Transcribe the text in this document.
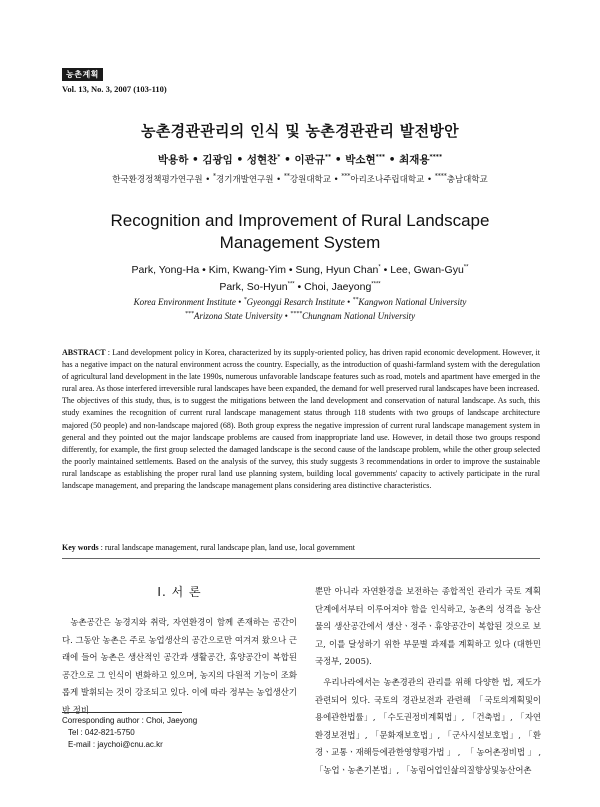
농촌계획
Vol. 13, No. 3, 2007 (103-110)
농촌경관관리의 인식 및 농촌경관관리 발전방안
박용하 • 김광임 • 성현찬* • 이관규** • 박소현*** • 최재용****
한국환경정책평가연구원 • *경기개발연구원 • **강원대학교 • ***아리조나주립대학교 • ****충남대학교
Recognition and Improvement of Rural Landscape
Management System
Park, Yong-Ha • Kim, Kwang-Yim • Sung, Hyun Chan* • Lee, Gwan-Gyu**
Park, So-Hyun*** • Choi, Jaeyong****
Korea Environment Institute • *Gyeonggi Resarch Institute • **Kangwon National University
***Arizona State University • ****Chungnam National University

ABSTRACT : Land development policy in Korea, characterized by its supply-oriented policy, has driven rapid economic development. However, it has a negative impact on the natural environment across the country. Especially, as the introduction of quashi-farmland system with the deregulation of agricultural land development in the late 1990s, numerous unfavorable landscape features such as road, motels and apartment have emerged in the rural area. As those interfered irreversible rural landscapes have been expanded, the demand for well preserved rural landscapes have been increased.

The objectives of this study, thus, is to suggest the mitigations between the land development and conservation of natural landscape. As such, this study examines the recognition of current rural landscape management status through 118 students with two groups of landscape architecture majored (50 people) and non-landscape majored (68). Both group express the negative impression of current rural landscape management system in general and they pointed out the major landscape problems are caused from inappropriate land use. However, in detail those two groups respond differently, for example, the first group selected the damaged landscape is the second cause of the landscape problem, while the other group selected the poorly maintained settlements. Based on the analysis of the survey, this study suggests 3 recommendations in order to improve the sustainable rural landscape as establishing the proper rural land use planning system, building local governments' capacity to actively participate in the rural landscape management, and preparing the landscape management plans considering area distinctive characteristics.

Key words : rural landscape management, rural landscape plan, land use, local government
I. 서 론

농촌공간은 농경지와 취락, 자연환경이 함께 존재하는 공간이다. 그동안 농촌은 주로 농업생산의 공간으로만 여겨져 왔으나 근래에 들어 농촌은 생산적인 공간과 생활공간, 휴양공간이 복합된 공간으로 그 인식이 변화하고 있으며, 농지의 다원적 기능이 조화롭게 발휘되는 것이 강조되고 있다. 이에 따라 정부는 농업생산기반 정비

뿐만 아니라 자연환경을 보전하는 종합적인 관리가 국토 계획 단계에서부터 이루어져야 함을 인식하고, 농촌의 성격을 농산물의 생산공간에서 생산ㆍ정주ㆍ휴양공간이 복합된 것으로 보고, 이를 달성하기 위한 부문별 과제를 계획하고 있다 (대한민국정부, 2005).

우리나라에서는 농촌경관의 관리를 위해 다양한 법, 제도가 관련되어 있다. 국토의 경관보전과 관련해 「국토의계획및이용에관한법률」, 「수도권정비계획법」, 「건축법」, 「자연환경보전법」, 「문화재보호법」, 「군사시설보호법」, 「환경ㆍ교통ㆍ재해등에관한영향평가법」, 「농어촌정비법」, 「농업ㆍ농촌기본법」, 「농림어업인삶의질향상및농산어촌

Corresponding author : Choi, Jaeyong
Tel : 042-821-5750
E-mail : jaychoi@cnu.ac.kr
